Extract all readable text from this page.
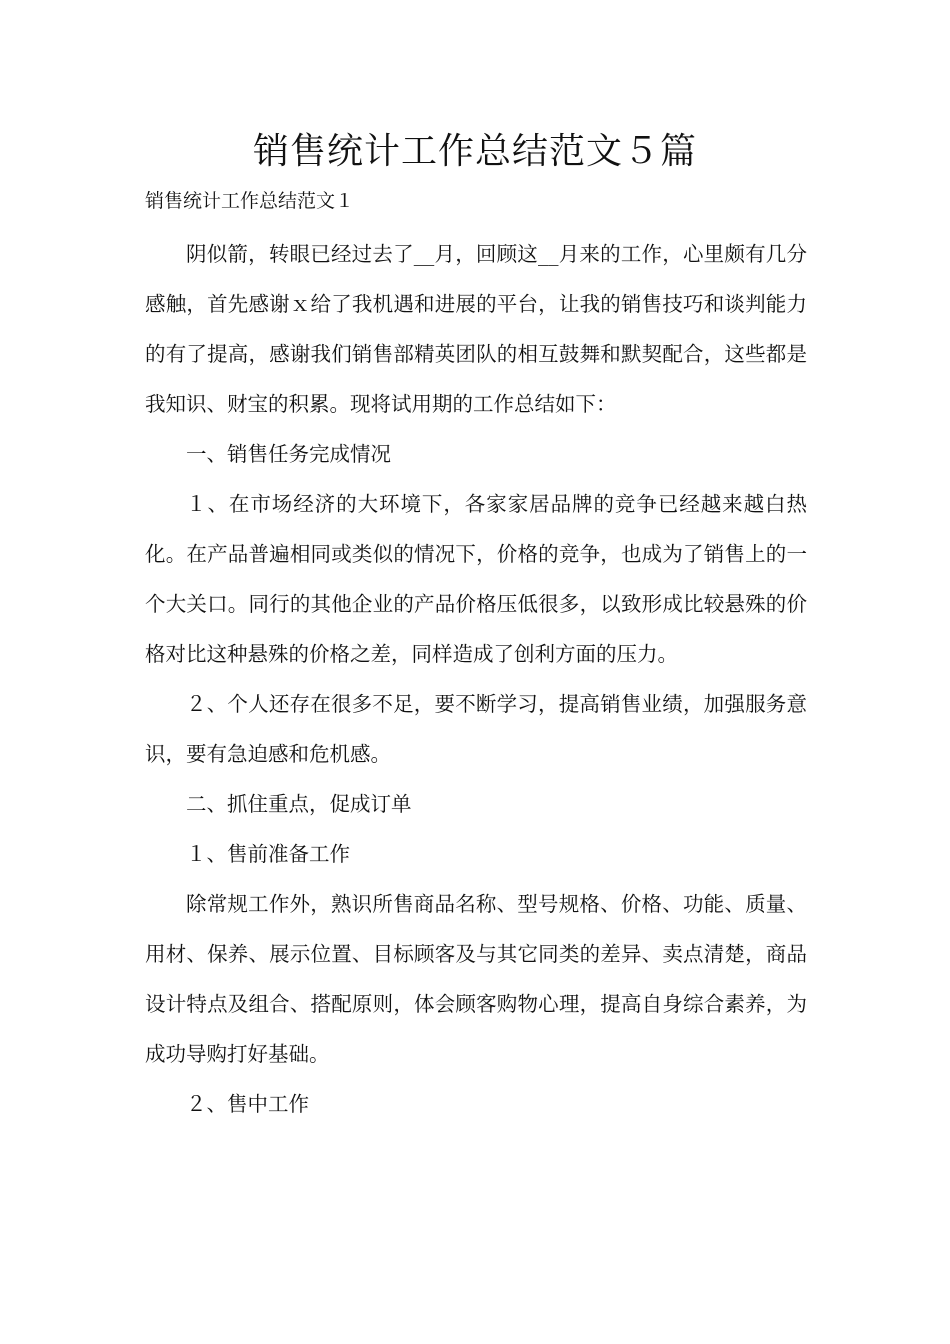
销售统计工作总结范文５篇
销售统计工作总结范文１

阴似箭，转眼已经过去了__月，回顾这__月来的工作，心里颇有几分感触，首先感谢ｘ给了我机遇和进展的平台，让我的销售技巧和谈判能力的有了提高，感谢我们销售部精英团队的相互鼓舞和默契配合，这些都是我知识、财宝的积累。现将试用期的工作总结如下：

一、销售任务完成情况

１、在市场经济的大环境下，各家家居品牌的竞争已经越来越白热化。在产品普遍相同或类似的情况下，价格的竞争，也成为了销售上的一个大关口。同行的其他企业的产品价格压低很多，以致形成比较悬殊的价格对比这种悬殊的价格之差，同样造成了创利方面的压力。

２、个人还存在很多不足，要不断学习，提高销售业绩，加强服务意识，要有急迫感和危机感。

二、抓住重点，促成订单

１、售前准备工作

除常规工作外，熟识所售商品名称、型号规格、价格、功能、质量、用材、保养、展示位置、目标顾客及与其它同类的差异、卖点清楚，商品设计特点及组合、搭配原则，体会顾客购物心理，提高自身综合素养，为成功导购打好基础。

２、售中工作
